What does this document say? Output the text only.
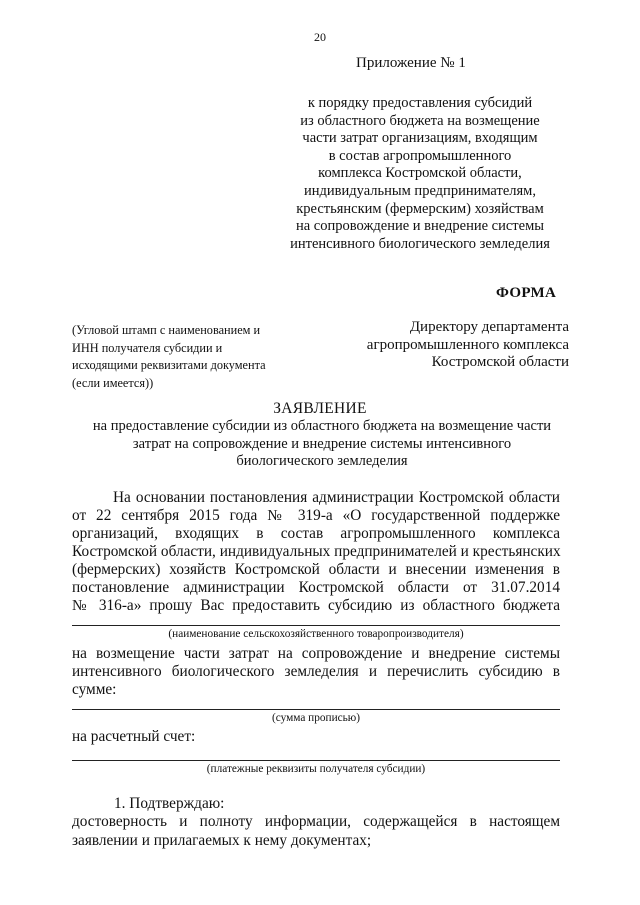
20
Приложение № 1
к порядку предоставления субсидий
из областного бюджета на возмещение
части затрат организациям, входящим
в состав агропромышленного
комплекса Костромской области,
индивидуальным предпринимателям,
крестьянским (фермерским) хозяйствам
на сопровождение и внедрение системы
интенсивного биологического земледелия
ФОРМА
(Угловой штамп с наименованием и
ИНН получателя субсидии и
исходящими реквизитами документа
(если имеется))
Директору департамента
агропромышленного комплекса
Костромской области
ЗАЯВЛЕНИЕ
на предоставление субсидии из областного бюджета на возмещение части
затрат на сопровождение и внедрение системы интенсивного
биологического земледелия
На основании постановления администрации Костромской области
от 22 сентября 2015 года № 319-а «О государственной поддержке
организаций, входящих в состав агропромышленного комплекса
Костромской области, индивидуальных предпринимателей и крестьянских
(фермерских) хозяйств Костромской области и внесении изменения в
постановление администрации Костромской области от 31.07.2014
№ 316-а» прошу Вас предоставить субсидию из областного бюджета
(наименование сельскохозяйственного товаропроизводителя)
на возмещение части затрат на сопровождение и внедрение системы
интенсивного биологического земледелия и перечислить субсидию в
сумме:
(сумма прописью)
на расчетный счет:
(платежные реквизиты получателя субсидии)
1. Подтверждаю:
достоверность и полноту информации, содержащейся в настоящем
заявлении и прилагаемых к нему документах;
